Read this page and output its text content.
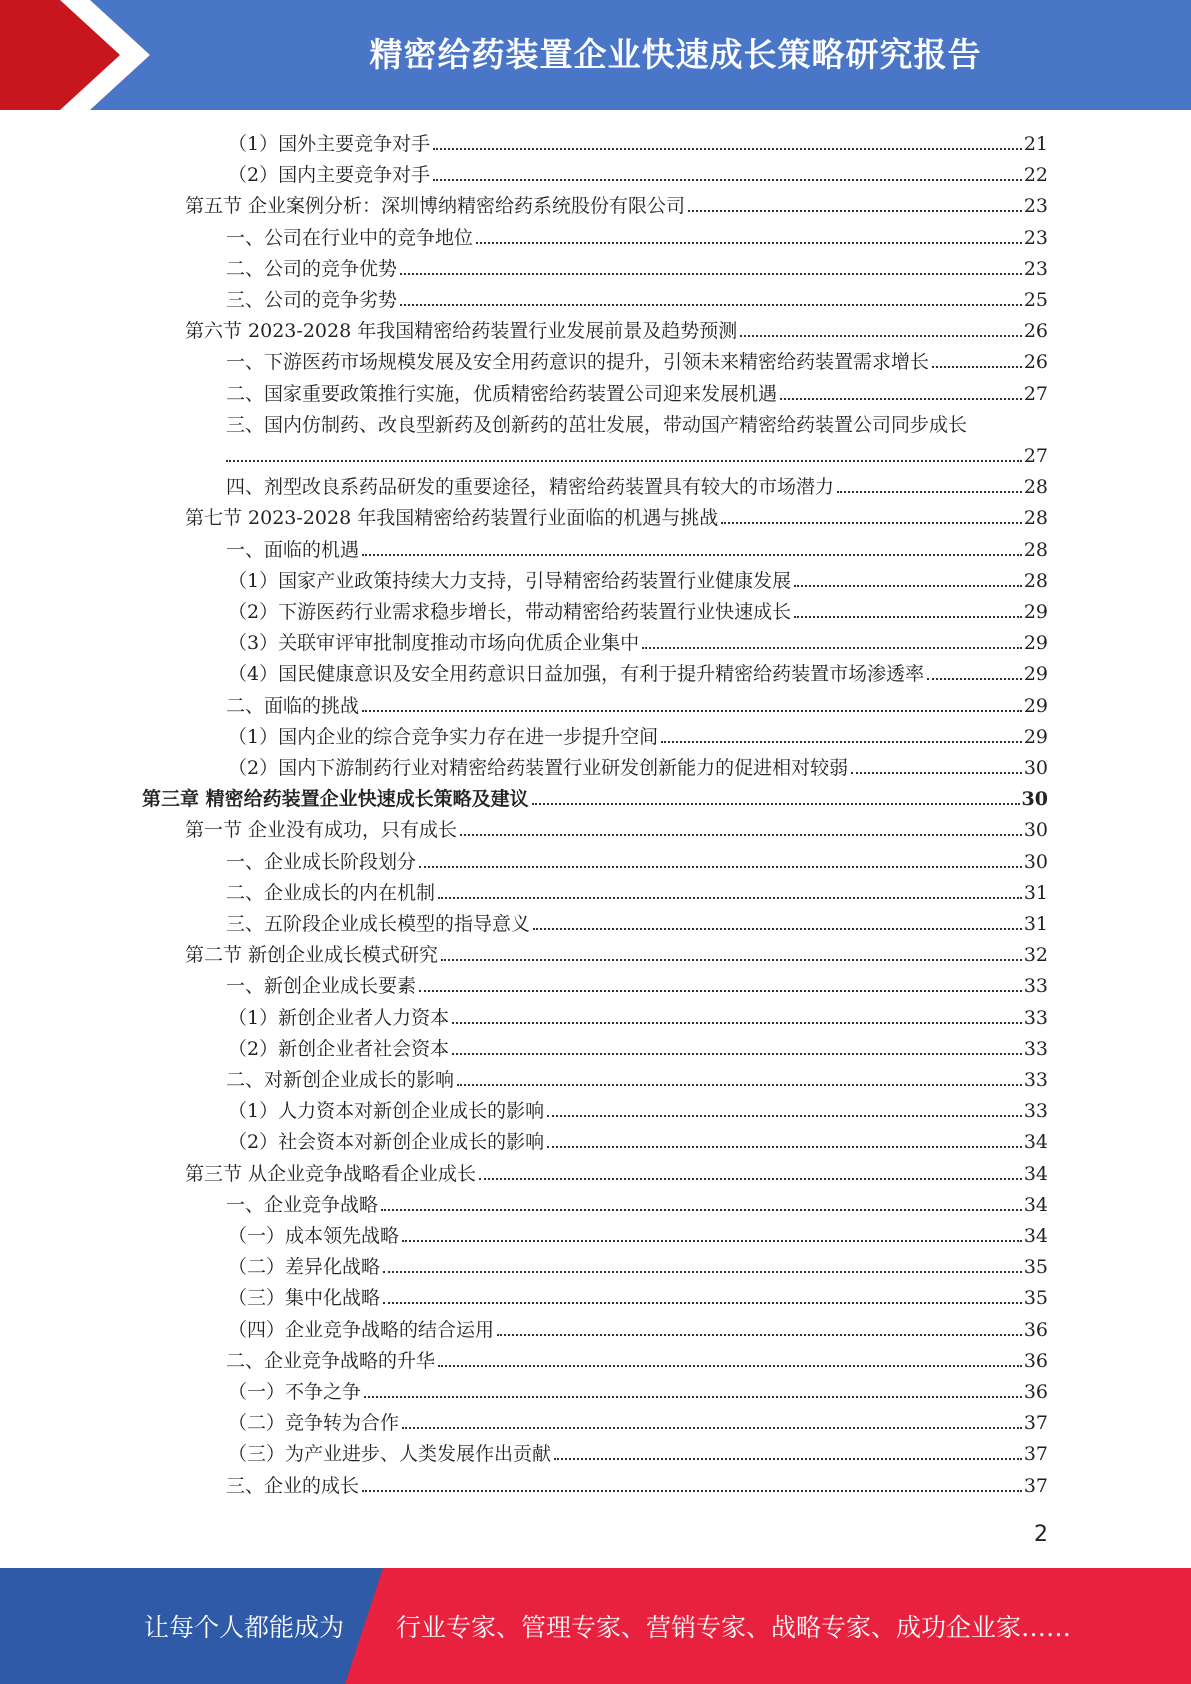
精密给药装置企业快速成长策略研究报告
（1）国外主要竞争对手	21
（2）国内主要竞争对手	22
第五节 企业案例分析：深圳博纳精密给药系统股份有限公司	23
一、公司在行业中的竞争地位	23
二、公司的竞争优势	23
三、公司的竞争劣势	25
第六节 2023-2028 年我国精密给药装置行业发展前景及趋势预测	26
一、下游医药市场规模发展及安全用药意识的提升，引领未来精密给药装置需求增长	26
二、国家重要政策推行实施，优质精密给药装置公司迎来发展机遇	27
三、国内仿制药、改良型新药及创新药的茁壮发展，带动国产精密给药装置公司同步成长
27
四、剂型改良系药品研发的重要途径，精密给药装置具有较大的市场潜力	28
第七节 2023-2028 年我国精密给药装置行业面临的机遇与挑战	28
一、面临的机遇	28
（1）国家产业政策持续大力支持，引导精密给药装置行业健康发展	28
（2）下游医药行业需求稳步增长，带动精密给药装置行业快速成长	29
（3）关联审评审批制度推动市场向优质企业集中	29
（4）国民健康意识及安全用药意识日益加强，有利于提升精密给药装置市场渗透率	29
二、面临的挑战	29
（1）国内企业的综合竞争实力存在进一步提升空间	29
（2）国内下游制药行业对精密给药装置行业研发创新能力的促进相对较弱	30
第三章 精密给药装置企业快速成长策略及建议	30
第一节 企业没有成功，只有成长	30
一、企业成长阶段划分	30
二、企业成长的内在机制	31
三、五阶段企业成长模型的指导意义	31
第二节 新创企业成长模式研究	32
一、新创企业成长要素	33
（1）新创企业者人力资本	33
（2）新创企业者社会资本	33
二、对新创企业成长的影响	33
（1）人力资本对新创企业成长的影响	33
（2）社会资本对新创企业成长的影响	34
第三节 从企业竞争战略看企业成长	34
一、企业竞争战略	34
（一）成本领先战略	34
（二）差异化战略	35
（三）集中化战略	35
（四）企业竞争战略的结合运用	36
二、企业竞争战略的升华	36
（一）不争之争	36
（二）竞争转为合作	37
（三）为产业进步、人类发展作出贡献	37
三、企业的成长	37
2
让每个人都能成为 行业专家、管理专家、营销专家、战略专家、成功企业家……
